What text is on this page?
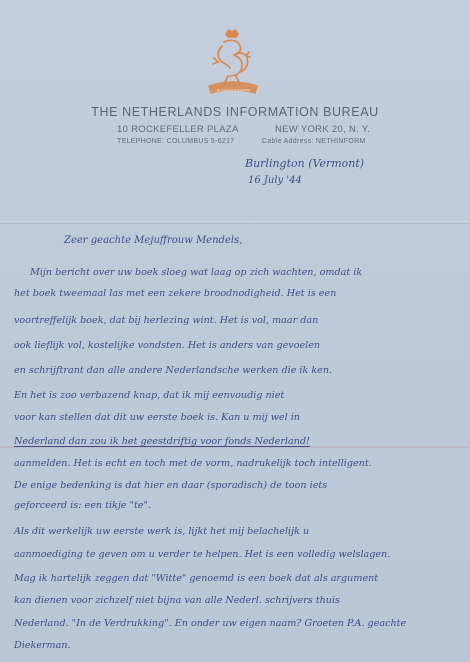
JE MAINTIENDRAI
THE NETHERLANDS INFORMATION BUREAU
10 ROCKEFELLER PLAZA	NEW YORK 20, N. Y.
TELEPHONE: COLUMBUS 5-6217	Cable Address: NETHINFORM
Burlington (Vermont)
16 July '44
Zeer geachte Mejuffrouw Mendels,
Mijn bericht over uw boek sloeg wat laag op zich wachten, omdat ik
het boek tweemaal las met een zekere broodnodigheid. Het is een
voortreffelijk boek, dat bij herlezing wint. Het is vol, maar dan
ook lieflijk vol, kostelijke vondsten. Het is anders van gevoelen
en schrijftrant dan alle andere Nederlandsche werken die ik ken.
En het is zoo verbazend knap, dat ik mij eenvoudig niet
voor kan stellen dat dit uw eerste boek is. Kan u mij wel in
Nederland dan zou ik het geestdriftig voor fonds Nederland!
aanmelden. Het is echt en toch met de vorm, nadrukelijk toch intelligent.
De enige bedenking is dat hier en daar (sporadisch) de toon iets
geforceerd is: een tikje "te".
Als dit werkelijk uw eerste werk is, lijkt het mij belachelijk u
aanmoediging te geven om u verder te helpen. Het is een volledig welslagen.
Mag ik hartelijk zeggen dat "Witte" genoemd is een boek dat als argument
kan dienen voor zichzelf niet bijna van alle Nederl. schrijvers thuis
Nederland. "In de Verdrukking". En onder uw eigen naam? Groeten P.A. geachte
Diekerman.
